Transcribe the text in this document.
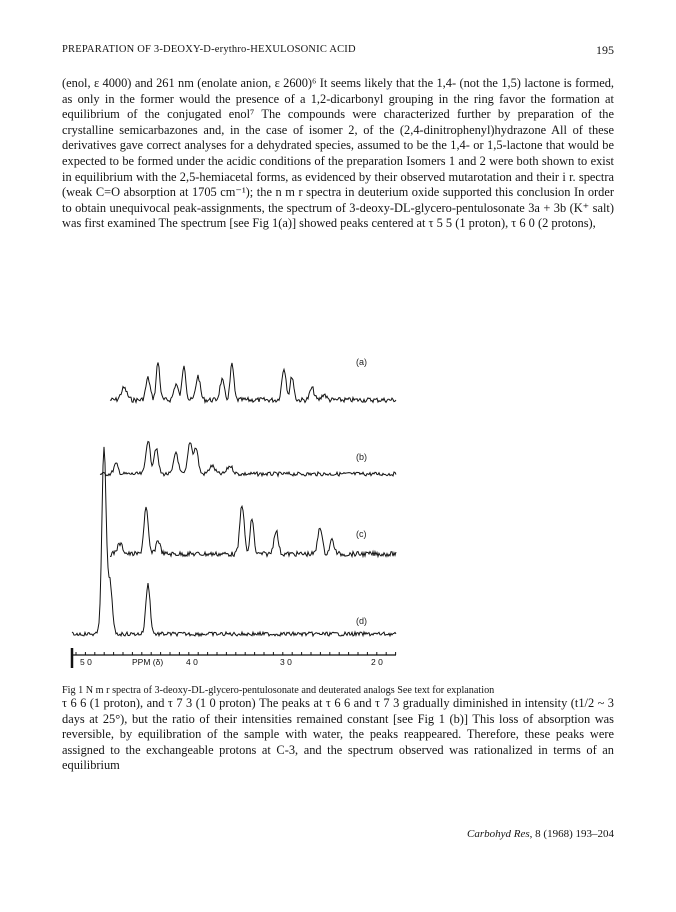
PREPARATION OF 3-DEOXY-D-erythro-HEXULOSONIC ACID	195

(enol, ε 4000) and 261 nm (enolate anion, ε 2600)⁶ It seems likely that the 1,4- (not the 1,5) lactone is formed, as only in the former would the presence of a 1,2-dicarbonyl grouping in the ring favor the formation at equilibrium of the conjugated enol⁷ The compounds were characterized further by preparation of the crystalline semicarbazones and, in the case of isomer 2, of the (2,4-dinitrophenyl)hydrazone All of these derivatives gave correct analyses for a dehydrated species, assumed to be the 1,4- or 1,5-lactone that would be expected to be formed under the acidic conditions of the preparation Isomers 1 and 2 were both shown to exist in equilibrium with the 2,5-hemiacetal forms, as evidenced by their observed mutarotation and their i r. spectra (weak C=O absorption at 1705 cm⁻¹); the n m r spectra in deuterium oxide supported this conclusion In order to obtain unequivocal peak-assignments, the spectrum of 3-deoxy-DL-glycero-pentulosonate 3a + 3b (K⁺ salt) was first examined The spectrum [see Fig 1(a)] showed peaks centered at τ 5 5 (1 proton), τ 6 0 (2 protons),

(a)
(b)
(c)
(d)
5 0	PPM (δ)	4 0	3 0	2 0
Fig 1 N m r spectra of 3-deoxy-DL-glycero-pentulosonate and deuterated analogs See text for explanation

τ 6 6 (1 proton), and τ 7 3 (1 0 proton) The peaks at τ 6 6 and τ 7 3 gradually diminished in intensity (t1/2 ~ 3 days at 25°), but the ratio of their intensities remained constant [see Fig 1 (b)] This loss of absorption was reversible, by equilibration of the sample with water, the peaks reappeared. Therefore, these peaks were assigned to the exchangeable protons at C-3, and the spectrum observed was rationalized in terms of an equilibrium

Carbohyd Res, 8 (1968) 193–204
